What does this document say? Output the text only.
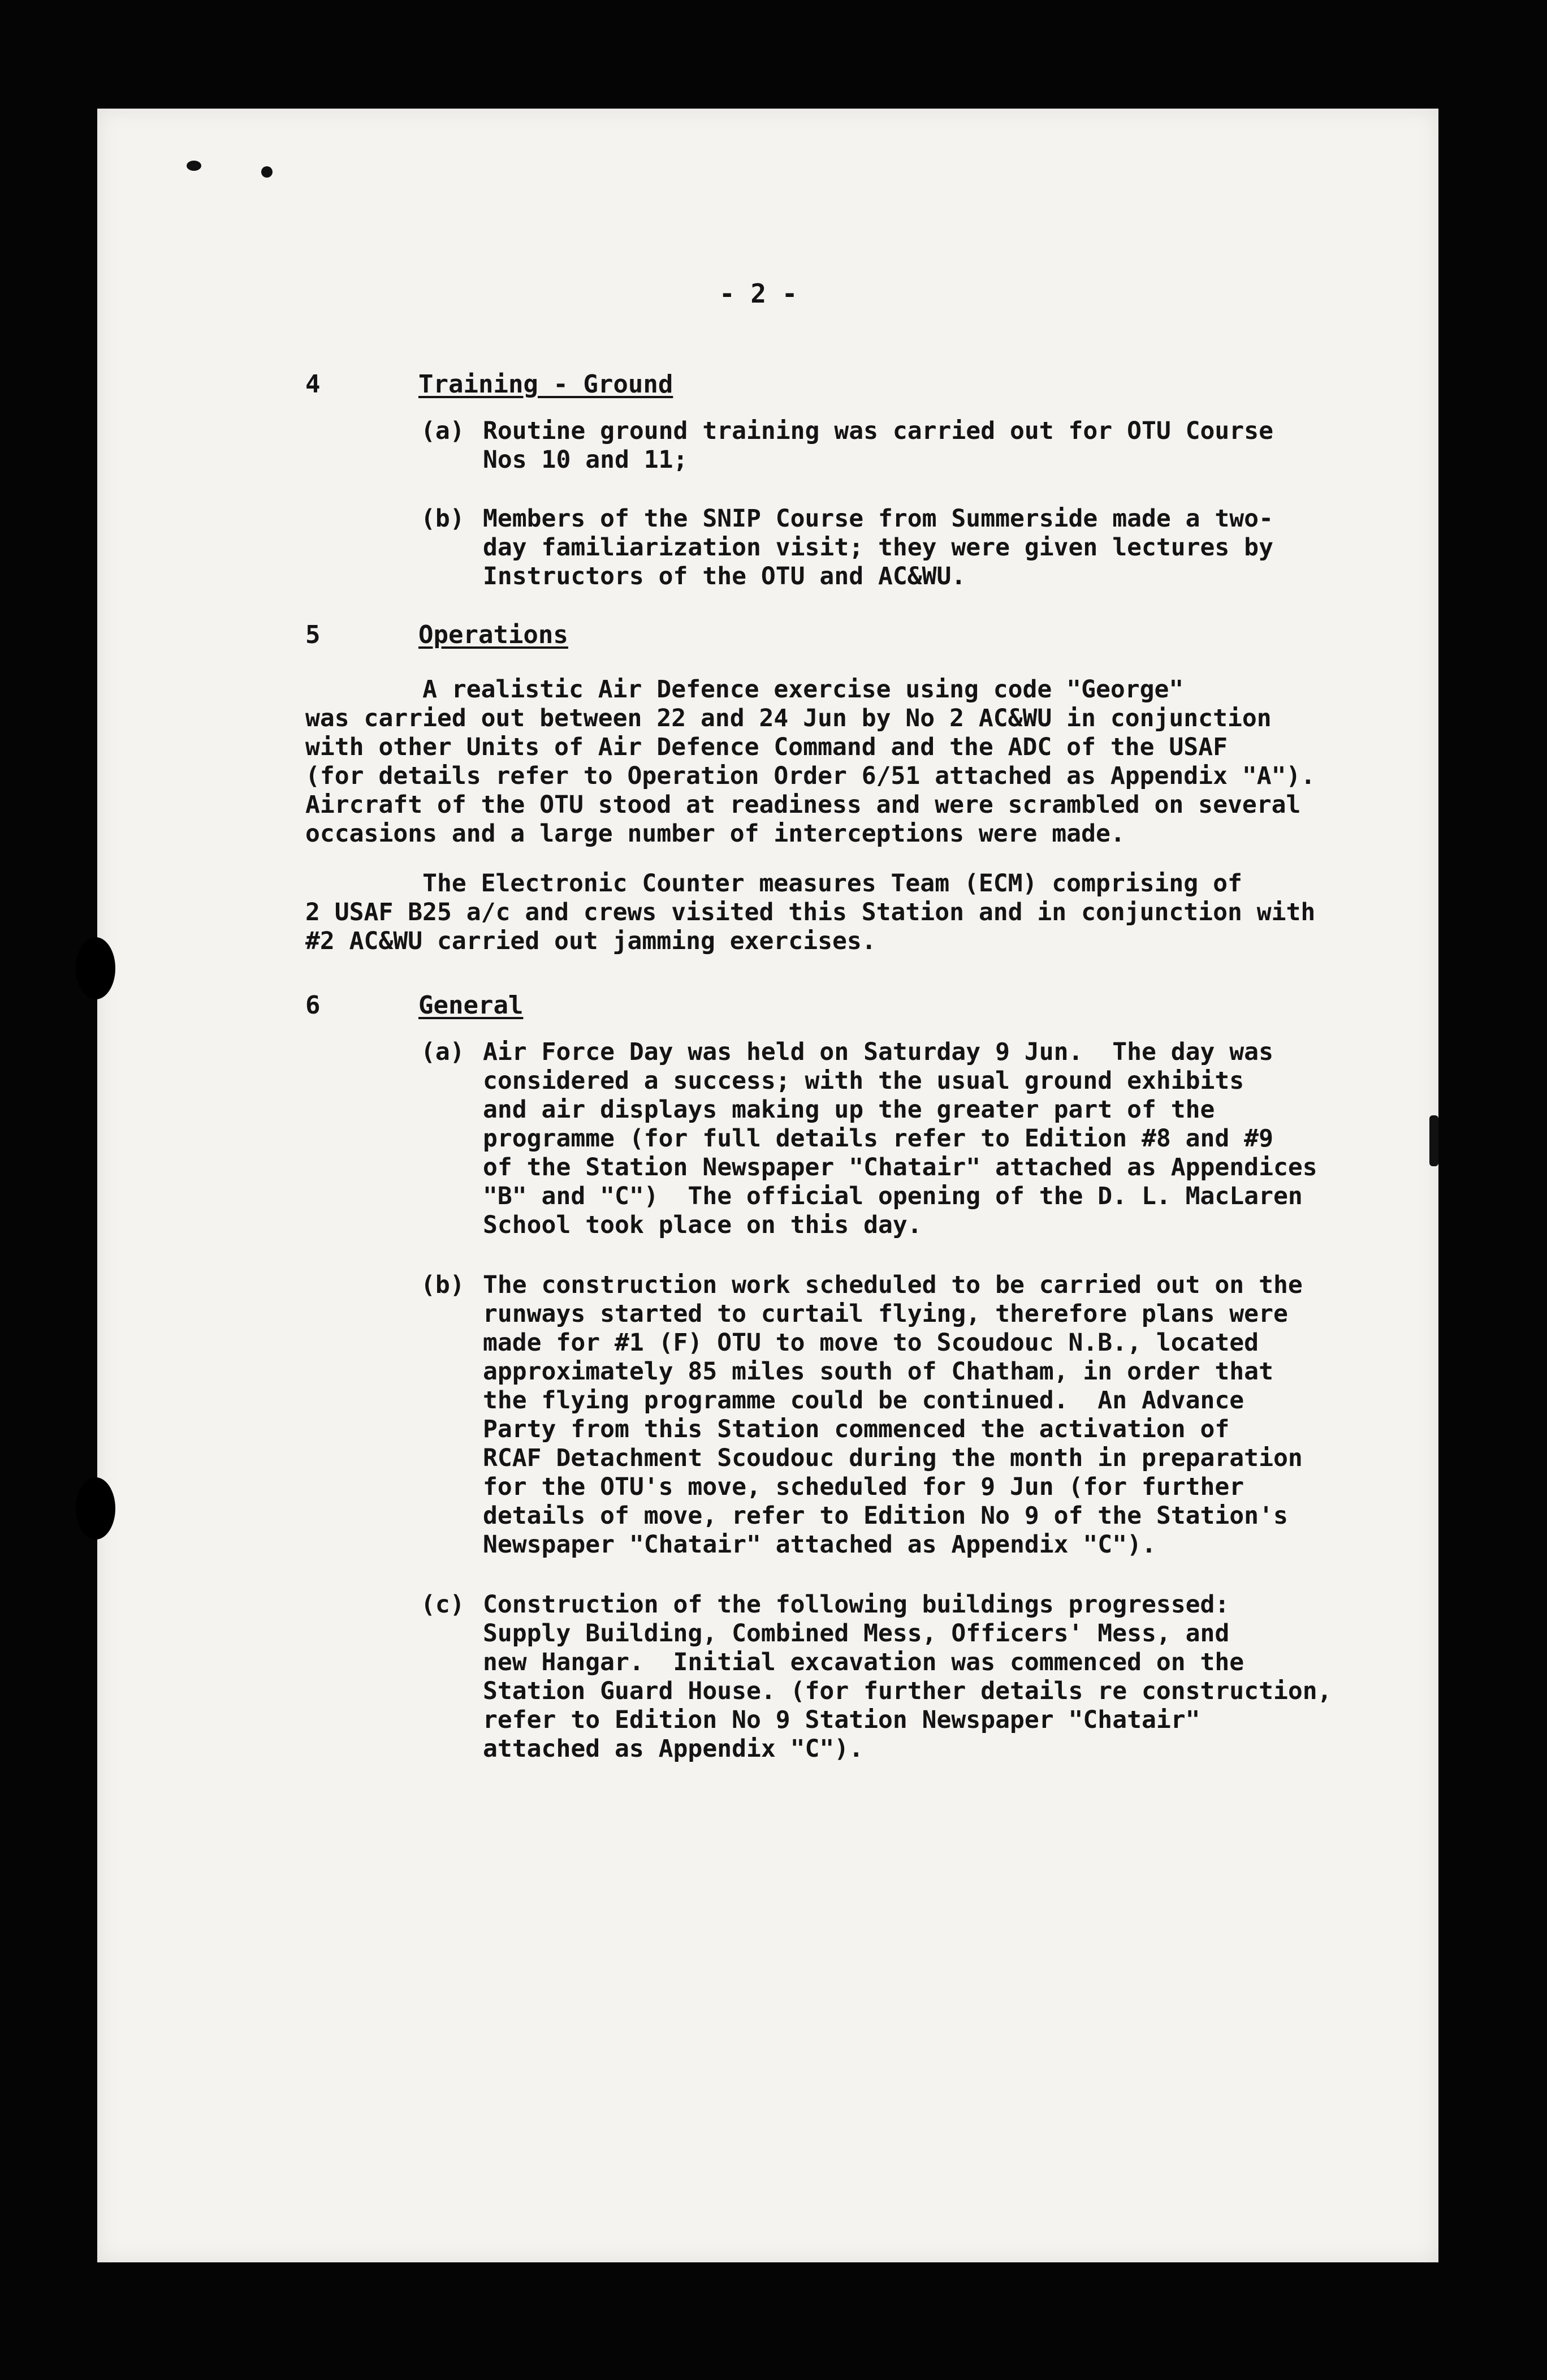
- 2 -
4	Training - Ground
(a) Routine ground training was carried out for OTU Course
Nos 10 and 11;
(b) Members of the SNIP Course from Summerside made a two-
day familiarization visit; they were given lectures by
Instructors of the OTU and AC&WU.
5	Operations
A realistic Air Defence exercise using code "George"
was carried out between 22 and 24 Jun by No 2 AC&WU in conjunction
with other Units of Air Defence Command and the ADC of the USAF
(for details refer to Operation Order 6/51 attached as Appendix "A").
Aircraft of the OTU stood at readiness and were scrambled on several
occasions and a large number of interceptions were made.
The Electronic Counter measures Team (ECM) comprising of
2 USAF B25 a/c and crews visited this Station and in conjunction with
#2 AC&WU carried out jamming exercises.
6	General
(a) Air Force Day was held on Saturday 9 Jun.  The day was
considered a success; with the usual ground exhibits
and air displays making up the greater part of the
programme (for full details refer to Edition #8 and #9
of the Station Newspaper "Chatair" attached as Appendices
"B" and "C")  The official opening of the D. L. MacLaren
School took place on this day.
(b) The construction work scheduled to be carried out on the
runways started to curtail flying, therefore plans were
made for #1 (F) OTU to move to Scoudouc N.B., located
approximately 85 miles south of Chatham, in order that
the flying programme could be continued.  An Advance
Party from this Station commenced the activation of
RCAF Detachment Scoudouc during the month in preparation
for the OTU's move, scheduled for 9 Jun (for further
details of move, refer to Edition No 9 of the Station's
Newspaper "Chatair" attached as Appendix "C").
(c) Construction of the following buildings progressed:
Supply Building, Combined Mess, Officers' Mess, and
new Hangar.  Initial excavation was commenced on the
Station Guard House. (for further details re construction,
refer to Edition No 9 Station Newspaper "Chatair"
attached as Appendix "C").
